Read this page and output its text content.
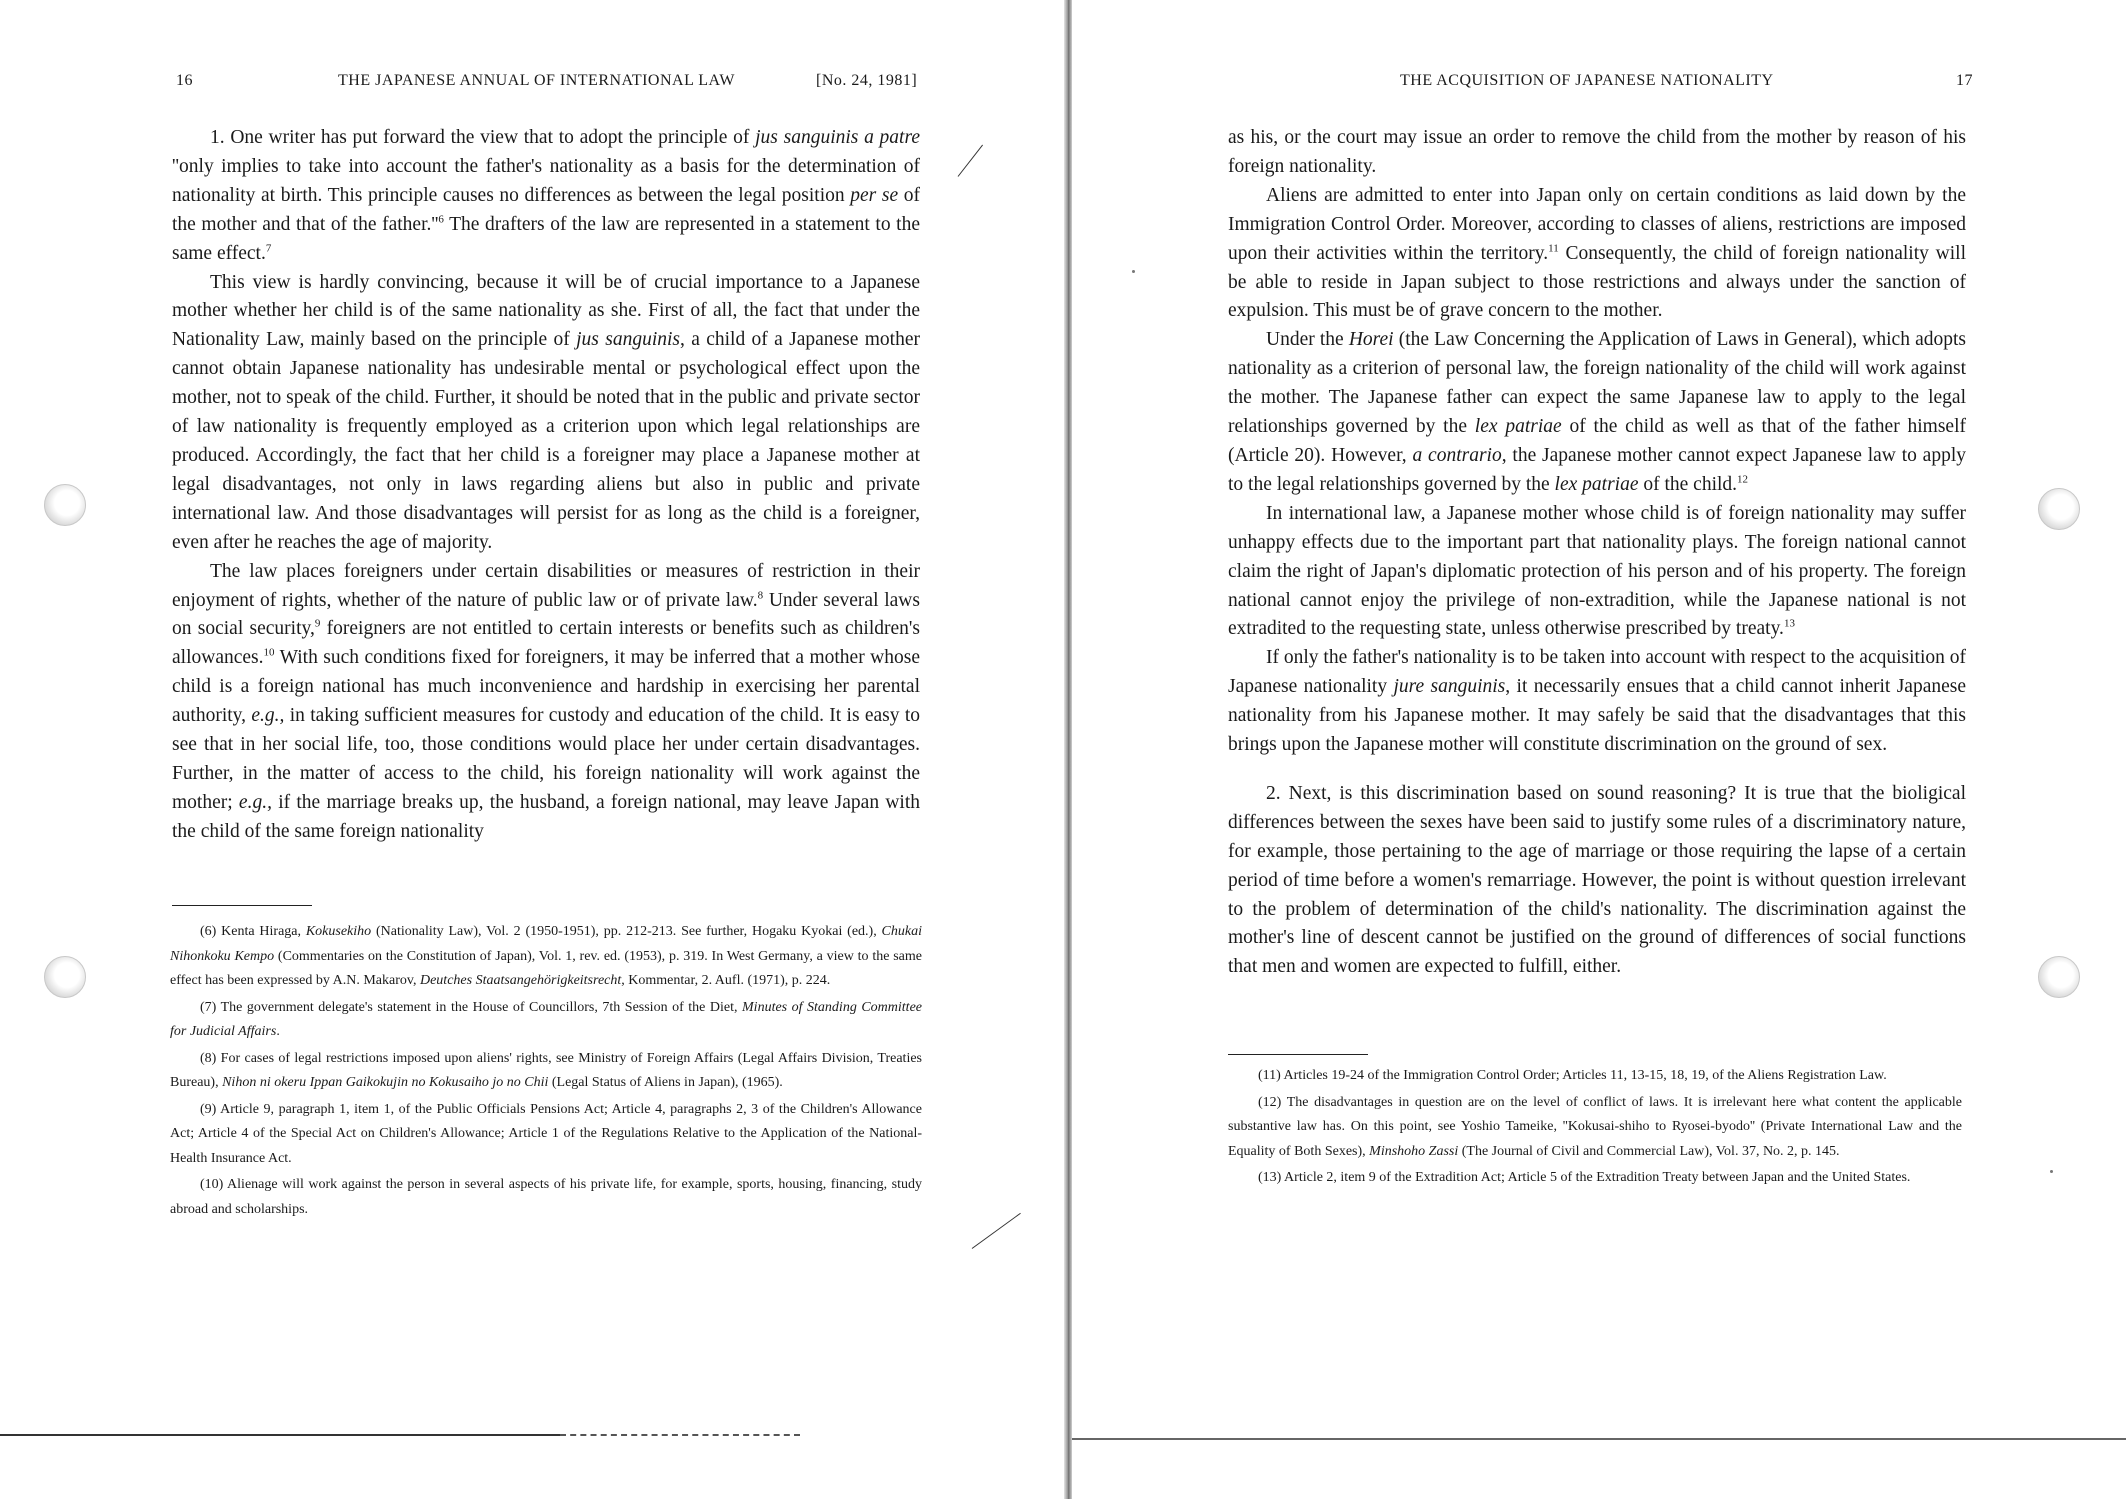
16	THE JAPANESE ANNUAL OF INTERNATIONAL LAW	[No. 24, 1981]

1. One writer has put forward the view that to adopt the principle of jus sanguinis a patre ''only implies to take into account the father's nationality as a basis for the determination of nationality at birth. This principle causes no differences as between the legal position per se of the mother and that of the $father.''^6$ The drafters of the law are represented in a statement to the same effect.$^7$

This view is hardly convincing, because it will be of crucial importance to a Japanese mother whether her child is of the same nationality as she. First of all, the fact that under the Nationality Law, mainly based on the principle of jus sanguinis, a child of a Japanese mother cannot obtain Japanese nationality has undesirable mental or psychological effect upon the mother, not to speak of the child. Further, it should be noted that in the public and private sector of law nationality is frequently employed as a criterion upon which legal relationships are produced. Accordingly, the fact that her child is a foreigner may place a Japanese mother at legal disadvantages, not only in laws regarding aliens but also in public and private international law. And those disadvantages will persist for as long as the child is a foreigner, even after he reaches the age of majority.

The law places foreigners under certain disabilities or measures of restriction in their enjoyment of rights, whether of the nature of public law or of private law.$^8$ Under several laws on social security,$^9$ foreigners are not entitled to certain interests or benefits such as children's allowances.$^{10}$ With such conditions fixed for foreigners, it may be inferred that a mother whose child is a foreign national has much inconvenience and hardship in exercising her parental authority, e.g., in taking sufficient measures for custody and education of the child. It is easy to see that in her social life, too, those conditions would place her under certain disadvantages. Further, in the matter of access to the child, his foreign nationality will work against the mother; e.g., if the marriage breaks up, the husband, a foreign national, may leave Japan with the child of the same foreign nationality

(6) Kenta Hiraga, Kokusekiho (Nationality Law), Vol. 2 (1950-1951), pp. 212-213. See further, Hogaku Kyokai (ed.), Chukai Nihonkoku Kempo (Commentaries on the Constitution of Japan), Vol. 1, rev. ed. (1953), p. 319. In West Germany, a view to the same effect has been expressed by A.N. Makarov, Deutches Staatsangehörigkeitsrecht, Kommentar, 2. Aufl. (1971), p. 224.

(7) The government delegate's statement in the House of Councillors, 7th Session of the Diet, Minutes of Standing Committee for Judicial Affairs.

(8) For cases of legal restrictions imposed upon aliens' rights, see Ministry of Foreign Affairs (Legal Affairs Division, Treaties Bureau), Nihon ni okeru Ippan Gaikokujin no Kokusaiho jo no Chii (Legal Status of Aliens in Japan), (1965).

(9) Article 9, paragraph 1, item 1, of the Public Officials Pensions Act; Article 4, paragraphs 2, 3 of the Children's Allowance Act; Article 4 of the Special Act on Children's Allowance; Article 1 of the Regulations Relative to the Application of the National-Health Insurance Act.

(10) Alienage will work against the person in several aspects of his private life, for example, sports, housing, financing, study abroad and scholarships.

THE ACQUISITION OF JAPANESE NATIONALITY	17

as his, or the court may issue an order to remove the child from the mother by reason of his foreign nationality.

Aliens are admitted to enter into Japan only on certain conditions as laid down by the Immigration Control Order. Moreover, according to classes of aliens, restrictions are imposed upon their activities within the territory.$^{11}$ Consequently, the child of foreign nationality will be able to reside in Japan subject to those restrictions and always under the sanction of expulsion. This must be of grave concern to the mother.

Under the Horei (the Law Concerning the Application of Laws in General), which adopts nationality as a criterion of personal law, the foreign nationality of the child will work against the mother. The Japanese father can expect the same Japanese law to apply to the legal relationships governed by the lex patriae of the child as well as that of the father himself (Article 20). However, a contrario, the Japanese mother cannot expect Japanese law to apply to the legal relationships governed by the lex patriae of the child.$^{12}$

In international law, a Japanese mother whose child is of foreign nationality may suffer unhappy effects due to the important part that nationality plays. The foreign national cannot claim the right of Japan's diplomatic protection of his person and of his property. The foreign national cannot enjoy the privilege of non-extradition, while the Japanese national is not extradited to the requesting state, unless otherwise prescribed by treaty.$^{13}$

If only the father's nationality is to be taken into account with respect to the acquisition of Japanese nationality jure sanguinis, it necessarily ensues that a child cannot inherit Japanese nationality from his Japanese mother. It may safely be said that the disadvantages that this brings upon the Japanese mother will constitute discrimination on the ground of sex.

2. Next, is this discrimination based on sound reasoning? It is true that the bioligical differences between the sexes have been said to justify some rules of a discriminatory nature, for example, those pertaining to the age of marriage or those requiring the lapse of a certain period of time before a women's remarriage. However, the point is without question irrelevant to the problem of determination of the child's nationality. The discrimination against the mother's line of descent cannot be justified on the ground of differences of social functions that men and women are expected to fulfill, either.

(11) Articles 19-24 of the Immigration Control Order; Articles 11, 13-15, 18, 19, of the Aliens Registration Law.

(12) The disadvantages in question are on the level of conflict of laws. It is irrelevant here what content the applicable substantive law has. On this point, see Yoshio Tameike, ''Kokusai-shiho to Ryosei-byodo'' (Private International Law and the Equality of Both Sexes), Minshoho Zassi (The Journal of Civil and Commercial Law), Vol. 37, No. 2, p. 145.

(13) Article 2, item 9 of the Extradition Act; Article 5 of the Extradition Treaty between Japan and the United States.
